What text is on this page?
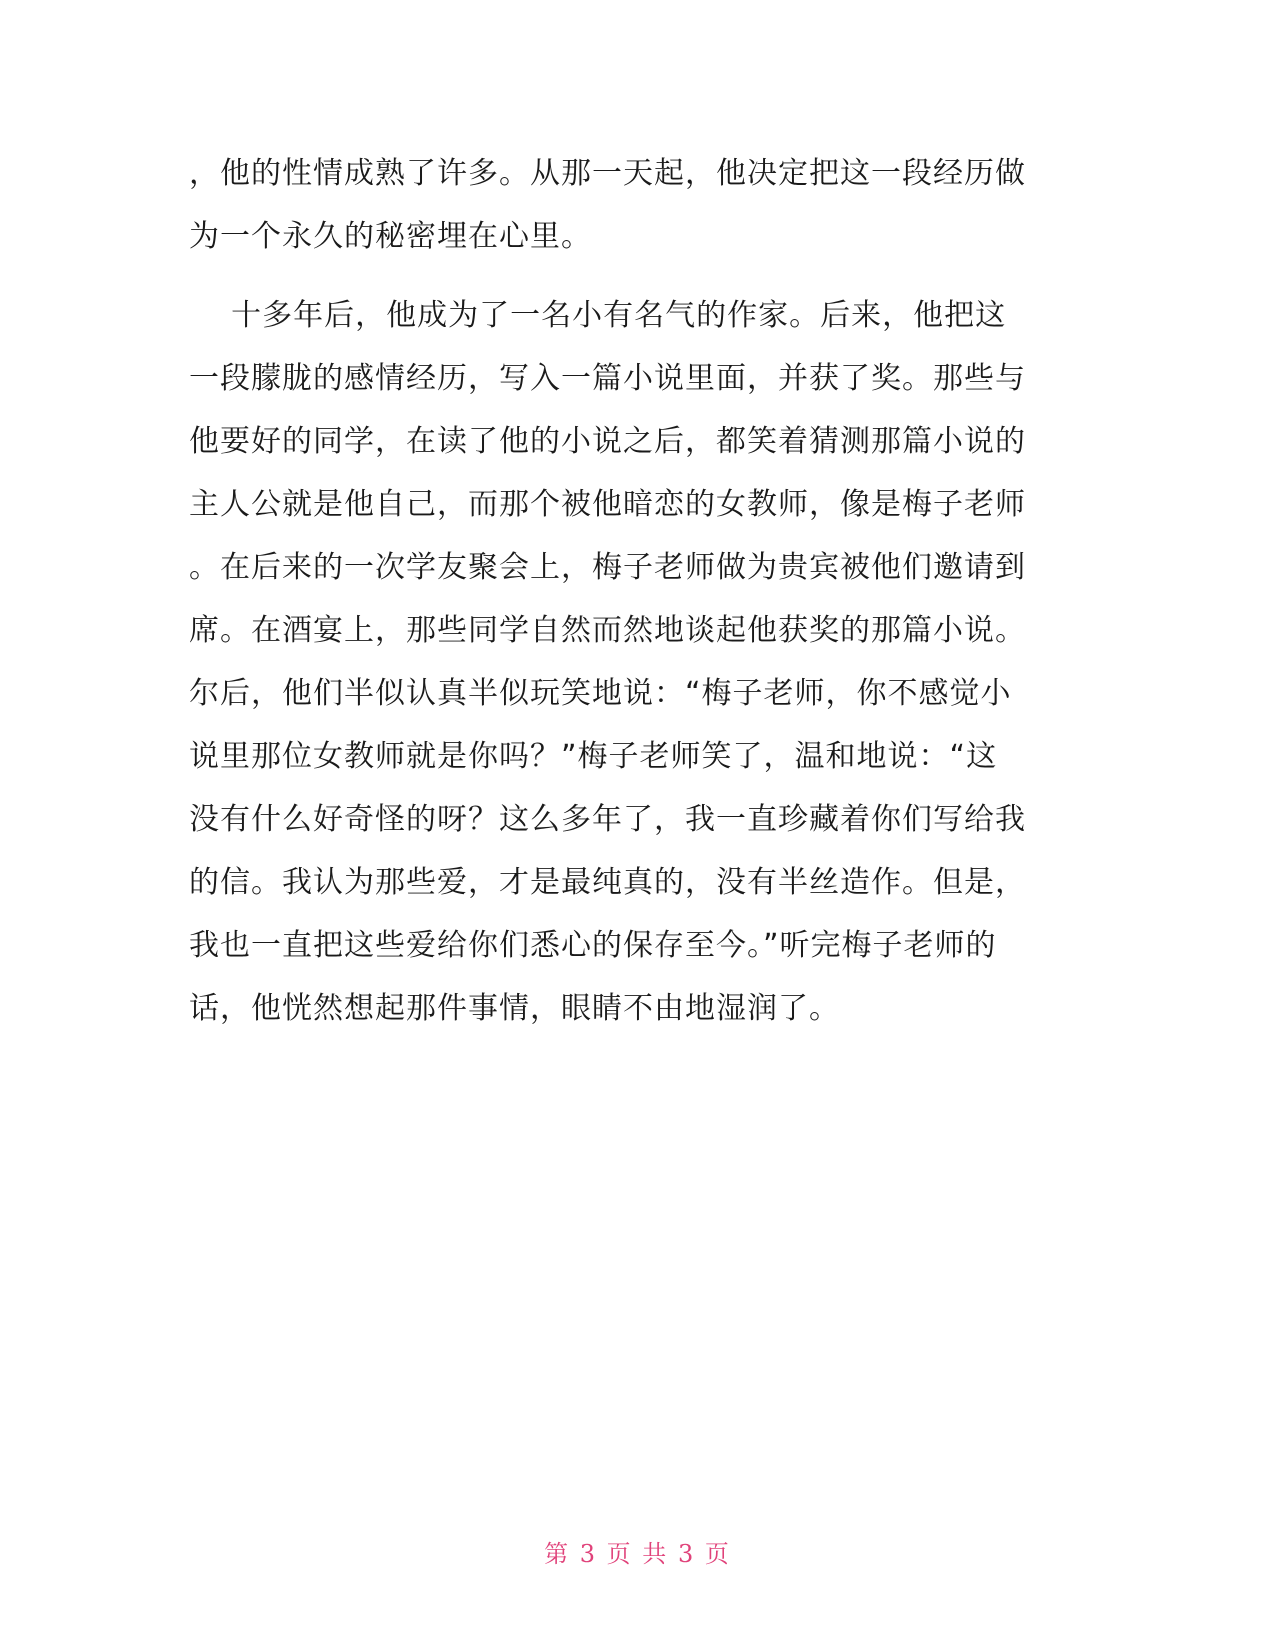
，他的性情成熟了许多。从那一天起，他决定把这一段经历做
为一个永久的秘密埋在心里。
十多年后，他成为了一名小有名气的作家。后来，他把这
一段朦胧的感情经历，写入一篇小说里面，并获了奖。那些与
他要好的同学，在读了他的小说之后，都笑着猜测那篇小说的
主人公就是他自己，而那个被他暗恋的女教师，像是梅子老师
。在后来的一次学友聚会上，梅子老师做为贵宾被他们邀请到
席。在酒宴上，那些同学自然而然地谈起他获奖的那篇小说。
尔后，他们半似认真半似玩笑地说：“梅子老师，你不感觉小
说里那位女教师就是你吗？”梅子老师笑了，温和地说：“这
没有什么好奇怪的呀？这么多年了，我一直珍藏着你们写给我
的信。我认为那些爱，才是最纯真的，没有半丝造作。但是，
我也一直把这些爱给你们悉心的保存至今。”听完梅子老师的
话，他恍然想起那件事情，眼睛不由地湿润了。
第 3 页 共 3 页
